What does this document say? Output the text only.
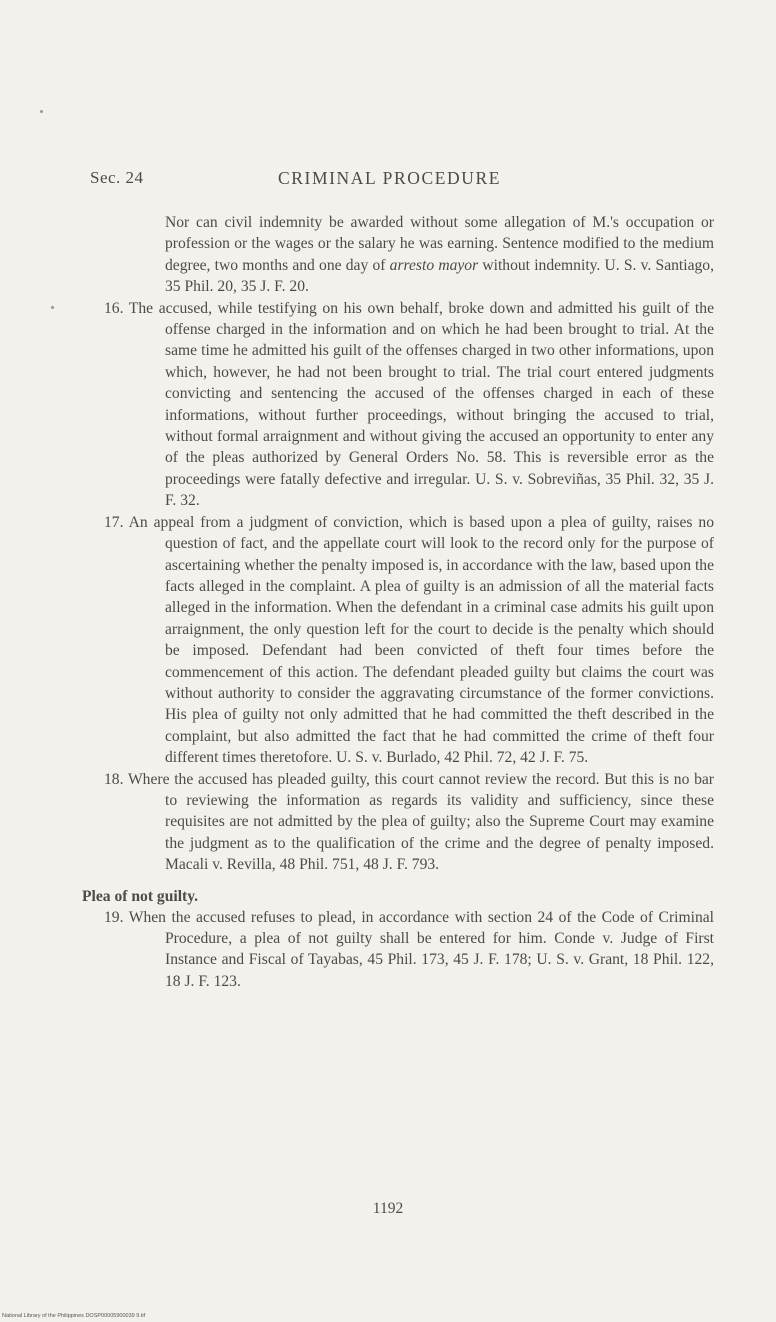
Sec. 24	CRIMINAL PROCEDURE

Nor can civil indemnity be awarded without some allegation of M.'s occupation or profession or the wages or the salary he was earning. Sentence modified to the medium degree, two months and one day of arresto mayor without indemnity. U. S. v. Santiago, 35 Phil. 20, 35 J. F. 20.

16. The accused, while testifying on his own behalf, broke down and admitted his guilt of the offense charged in the information and on which he had been brought to trial. At the same time he admitted his guilt of the offenses charged in two other informations, upon which, however, he had not been brought to trial. The trial court entered judgments convicting and sentencing the accused of the offenses charged in each of these informations, without further proceedings, without bringing the accused to trial, without formal arraignment and without giving the accused an opportunity to enter any of the pleas authorized by General Orders No. 58. This is reversible error as the proceedings were fatally defective and irregular. U. S. v. Sobreviñas, 35 Phil. 32, 35 J. F. 32.

17. An appeal from a judgment of conviction, which is based upon a plea of guilty, raises no question of fact, and the appellate court will look to the record only for the purpose of ascertaining whether the penalty imposed is, in accordance with the law, based upon the facts alleged in the complaint. A plea of guilty is an admission of all the material facts alleged in the information. When the defendant in a criminal case admits his guilt upon arraignment, the only question left for the court to decide is the penalty which should be imposed. Defendant had been convicted of theft four times before the commencement of this action. The defendant pleaded guilty but claims the court was without authority to consider the aggravating circumstance of the former convictions. His plea of guilty not only admitted that he had committed the theft described in the complaint, but also admitted the fact that he had committed the crime of theft four different times theretofore. U. S. v. Burlado, 42 Phil. 72, 42 J. F. 75.

18. Where the accused has pleaded guilty, this court cannot review the record. But this is no bar to reviewing the information as regards its validity and sufficiency, since these requisites are not admitted by the plea of guilty; also the Supreme Court may examine the judgment as to the qualification of the crime and the degree of penalty imposed. Macali v. Revilla, 48 Phil. 751, 48 J. F. 793.

Plea of not guilty.

19. When the accused refuses to plead, in accordance with section 24 of the Code of Criminal Procedure, a plea of not guilty shall be entered for him. Conde v. Judge of First Instance and Fiscal of Tayabas, 45 Phil. 173, 45 J. F. 178; U. S. v. Grant, 18 Phil. 122, 18 J. F. 123.

1192
National Library of the Philippines DOSP00005900039 9.tif
